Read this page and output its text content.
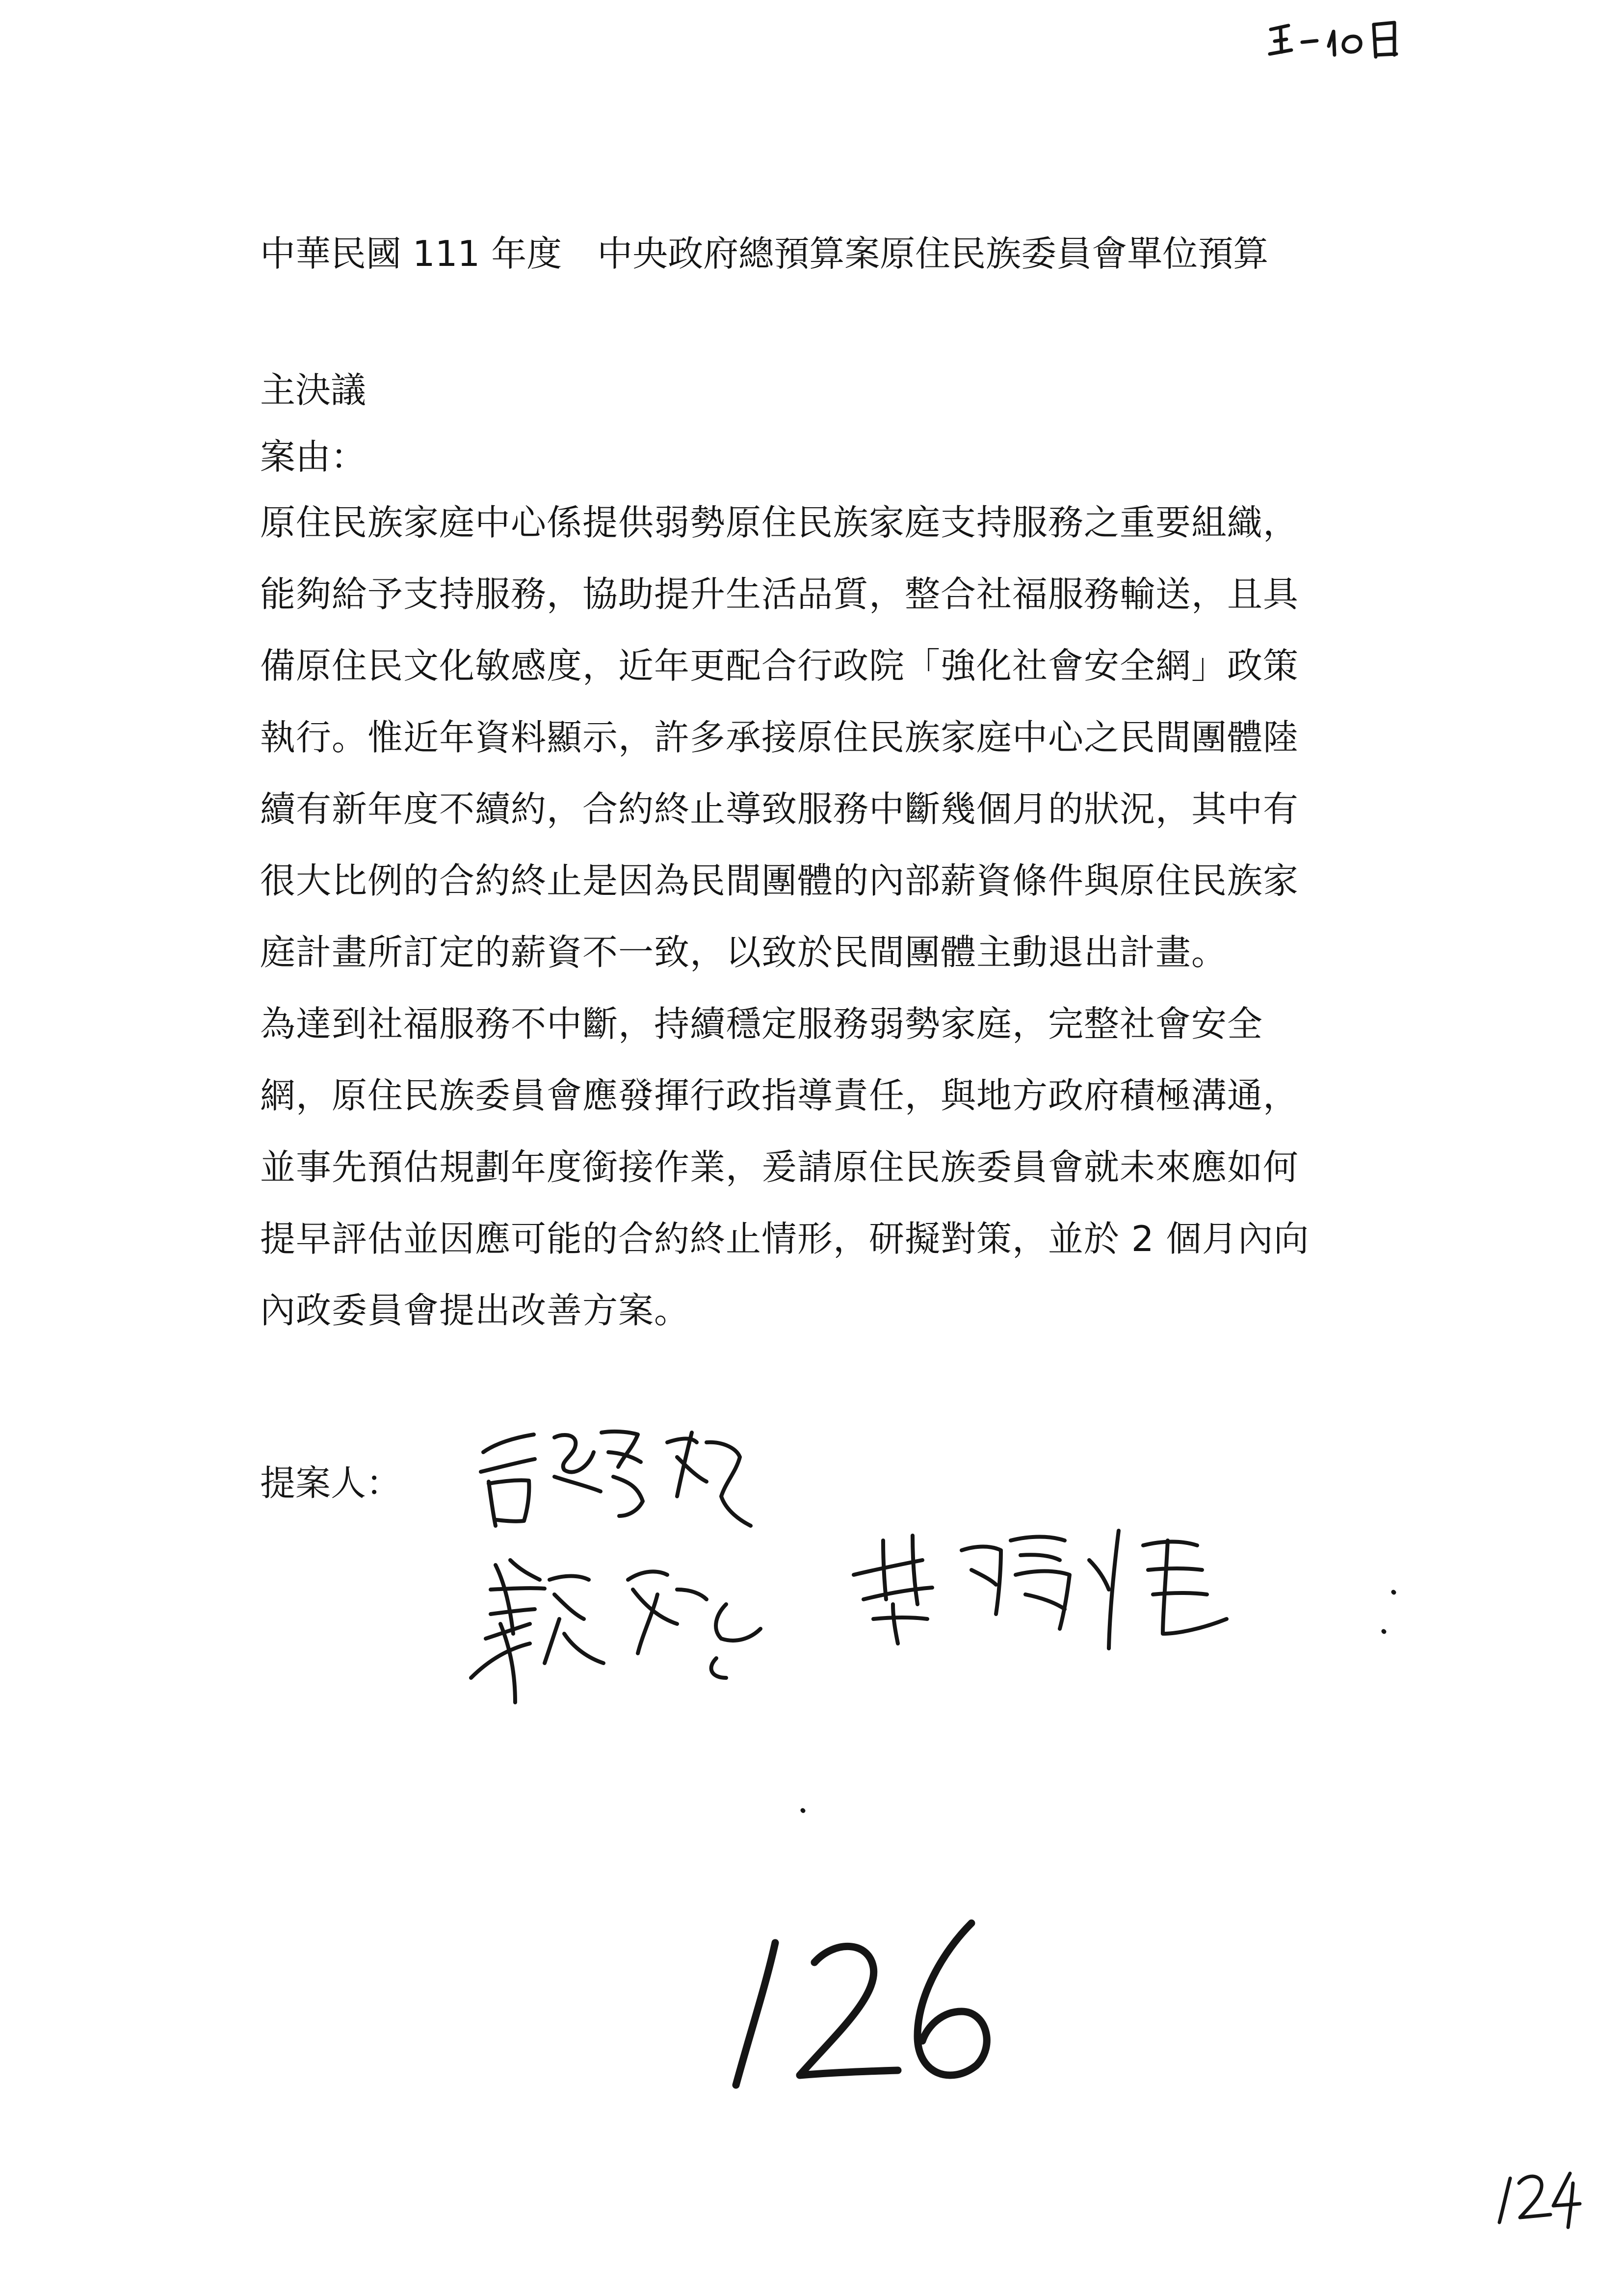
中華民國 111 年度　中央政府總預算案原住民族委員會單位預算
主決議
案由：
原住民族家庭中心係提供弱勢原住民族家庭支持服務之重要組織，
能夠給予支持服務，協助提升生活品質，整合社福服務輸送，且具
備原住民文化敏感度，近年更配合行政院「強化社會安全網」政策
執行。惟近年資料顯示，許多承接原住民族家庭中心之民間團體陸
續有新年度不續約，合約終止導致服務中斷幾個月的狀況，其中有
很大比例的合約終止是因為民間團體的內部薪資條件與原住民族家
庭計畫所訂定的薪資不一致，以致於民間團體主動退出計畫。
為達到社福服務不中斷，持續穩定服務弱勢家庭，完整社會安全
網，原住民族委員會應發揮行政指導責任，與地方政府積極溝通，
並事先預估規劃年度銜接作業，爰請原住民族委員會就未來應如何
提早評估並因應可能的合約終止情形，研擬對策，並於 2 個月內向
內政委員會提出改善方案。
提案人：
